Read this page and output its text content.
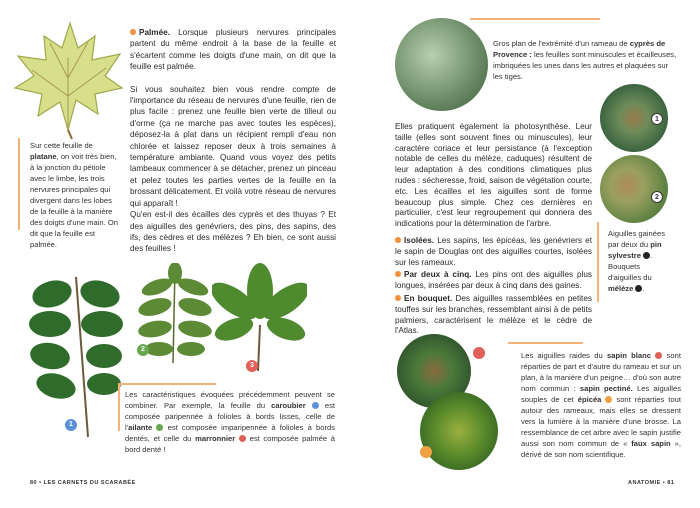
Sur cette feuille de platane, on voit très bien, à la jonction du pétiole avec le limbe, les trois nervures principales qui divergent dans les lobes de la feuille à la manière des doigts d'une main. On dit que la feuille est palmée.

Palmée. Lorsque plusieurs nervures principales partent du même endroit à la base de la feuille et s'écartent comme les doigts d'une main, on dit que la feuille est palmée.

Si vous souhaitez bien vous rendre compte de l'importance du réseau de nervures d'une feuille, rien de plus facile : prenez une feuille bien verte de tilleul ou d'orme (ça ne marche pas avec toutes les espèces), déposez-la à plat dans un récipient rempli d'eau non chlorée et laissez reposer deux à trois semaines à température ambiante. Quand vous voyez des petits lambeaux commencer à se détacher, prenez un pinceau et pelez toutes les parties vertes de la feuille en la brossant délicatement. Et voilà votre réseau de nervures qui apparaît !

Qu'en est-il des écailles des cyprès et des thuyas ? Et des aiguilles des genévriers, des pins, des sapins, des ifs, des cèdres et des mélèzes ? Eh bien, ce sont aussi des feuilles !

1
2
3
Les caractéristiques évoquées précédemment peuvent se combiner. Par exemple, la feuille du caroubier  est composée paripennée à folioles à bords lisses, celle de l'ailante  est composée imparipennée à folioles à bords dentés, et celle du marronnier  est composée palmée à bord denté !
80 • LES CARNETS DU SCARABÉE
Gros plan de l'extrémité d'un rameau de cyprès de Provence : les feuilles sont minuscules et écailleuses, imbriquées les unes dans les autres et plaquées sur les tiges.
1
2
Aiguilles gainées par deux du pin sylvestre . Bouquets d'aiguilles du mélèze .

Elles pratiquent également la photosynthèse. Leur taille (elles sont souvent fines ou minuscules), leur caractère coriace et leur persistance (à l'exception notable de celles du mélèze, caduques) résultent de leur adaptation à des conditions climatiques plus rudes : sécheresse, froid, saison de végétation courte, etc. Les écailles et les aiguilles sont de forme beaucoup plus simple. Chez ces dernières en particulier, c'est leur regroupement qui donnera des indications pour la détermination de l'arbre.

Isolées. Les sapins, les épicéas, les genévriers et le sapin de Douglas ont des aiguilles courtes, isolées sur les rameaux.

Par deux à cinq. Les pins ont des aiguilles plus longues, insérées par deux à cinq dans des gaines.

En bouquet. Des aiguilles rassemblées en petites touffes sur les branches, ressemblant ainsi à de petits palmiers, caractérisent le mélèze et le cèdre de l'Atlas.

Les aiguilles raides du sapin blanc  sont réparties de part et d'autre du rameau et sur un plan, à la manière d'un peigne… d'où son autre nom commun : sapin pectiné. Les aiguilles souples de cet épicéa  sont réparties tout autour des rameaux, mais elles se dressent vers la lumière à la manière d'une brosse. La ressemblance de cet arbre avec le sapin justifie aussi son nom commun de « faux sapin », dérivé de son nom scientifique.
ANATOMIE • 81
